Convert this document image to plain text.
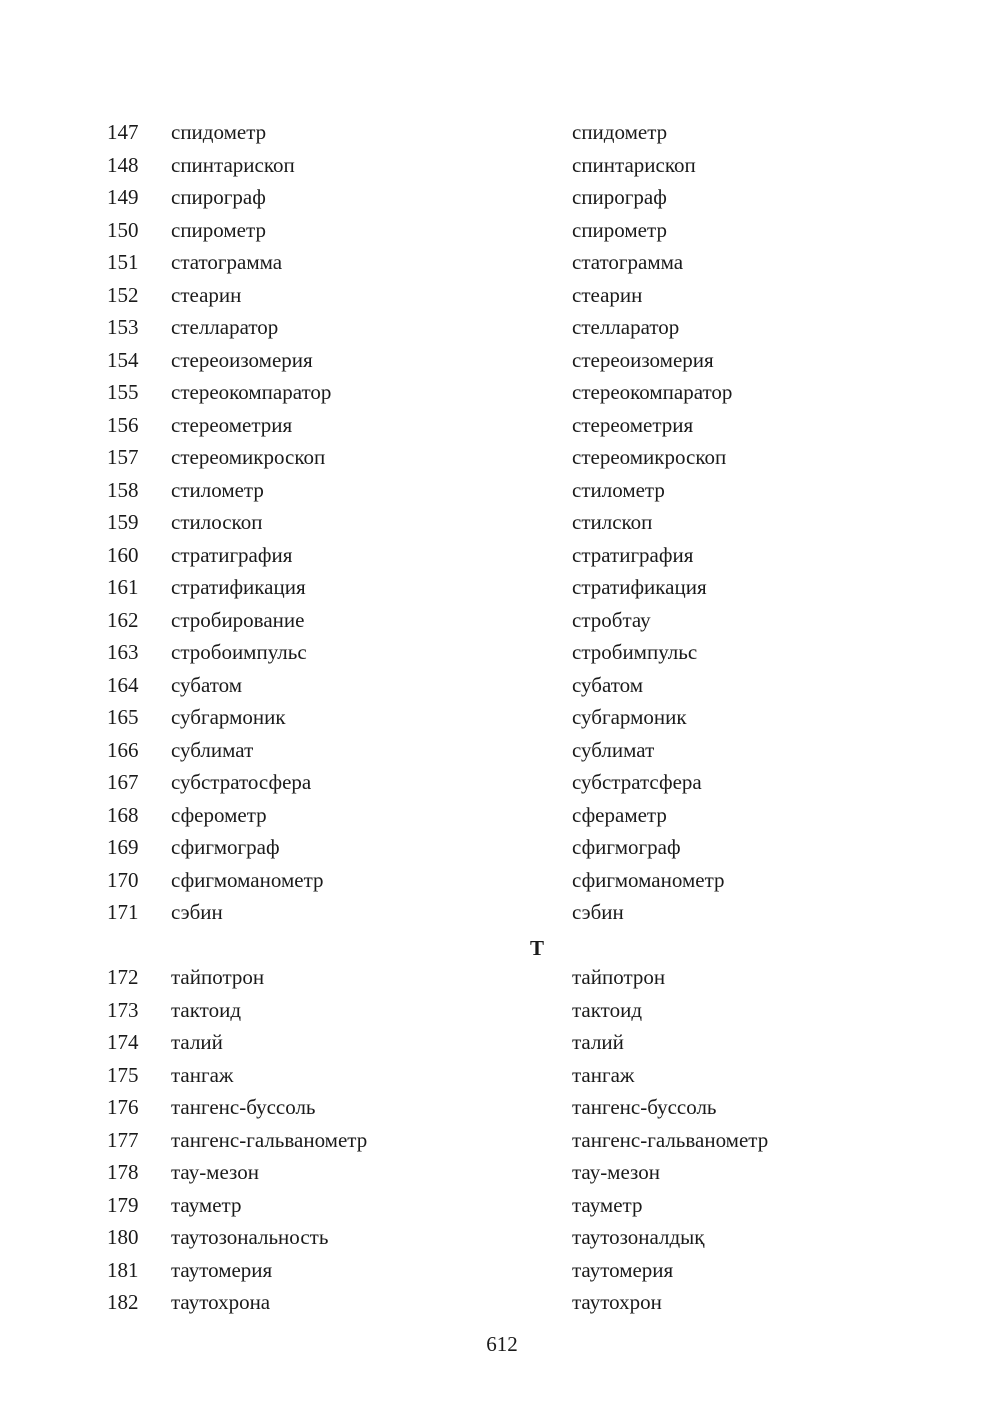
147 спидометр	спидометр
148 спинтарископ	спинтарископ
149 спирограф	спирограф
150 спирометр	спирометр
151 статограмма	статограмма
152 стеарин	стеарин
153 стелларатор	стелларатор
154 стереоизомерия	стереоизомерия
155 стереокомпаратор	стереокомпаратор
156 стереометрия	стереометрия
157 стереомикроскоп	стереомикроскоп
158 стилометр	стилометр
159 стилоскоп	стилскоп
160 стратиграфия	стратиграфия
161 стратификация	стратификация
162 стробирование	стробтау
163 стробоимпульс	стробимпульс
164 субатом	субатом
165 субгармоник	субгармоник
166 сублимат	сублимат
167 субстратосфера	субстратсфера
168 сферометр	сфераметр
169 сфигмограф	сфигмограф
170 сфигмоманометр	сфигмоманометр
171 сэбин	сэбин
Т
172 тайпотрон	тайпотрон
173 тактоид	тактоид
174 талий	талий
175 тангаж	тангаж
176 тангенс-буссоль	тангенс-буссоль
177 тангенс-гальванометр	тангенс-гальванометр
178 тау-мезон	тау-мезон
179 тауметр	тауметр
180 таутозональность	таутозоналдық
181 таутомерия	таутомерия
182 таутохрона	таутохрон
612
